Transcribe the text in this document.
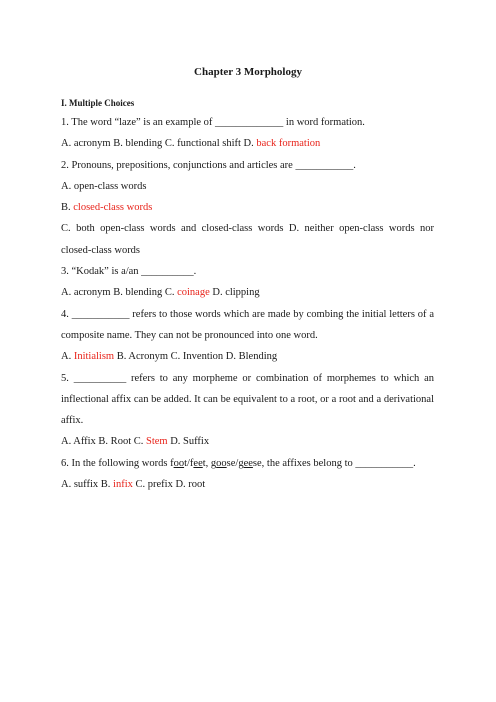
Chapter 3 Morphology
I. Multiple Choices
1. The word “laze” is an example of _____________ in word formation.
A. acronym B. blending C. functional shift D. back formation
2. Pronouns, prepositions, conjunctions and articles are ___________.
A. open-class words
B. closed-class words
C. both open-class words and closed-class words D. neither open-class words nor closed-class words
3. “Kodak” is a/an __________.
A. acronym B. blending C. coinage D. clipping
4. ___________ refers to those words which are made by combing the initial letters of a composite name. They can not be pronounced into one word.
A. Initialism B. Acronym C. Invention D. Blending
5. __________ refers to any morpheme or combination of morphemes to which an inflectional affix can be added. It can be equivalent to a root, or a root and a derivational affix.
A. Affix B. Root C. Stem D. Suffix
6. In the following words foot/feet, goose/geese, the affixes belong to ___________.
A. suffix B. infix C. prefix D. root
